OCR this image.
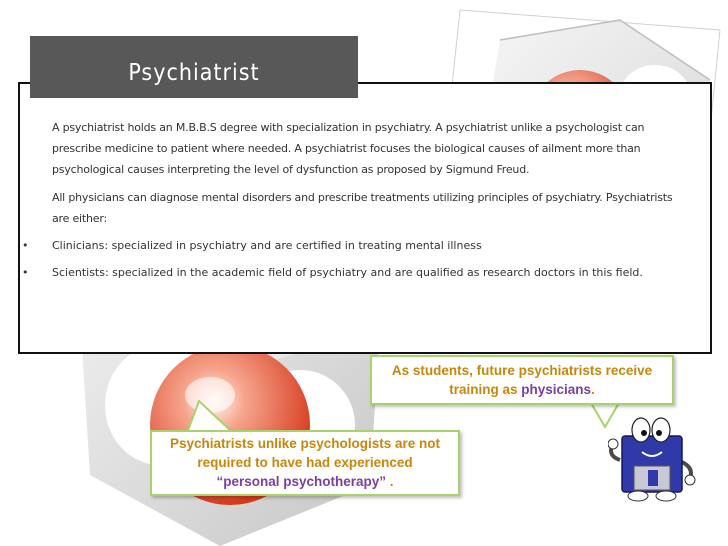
Psychiatrist
A psychiatrist holds an M.B.B.S degree with specialization in psychiatry. A psychiatrist unlike a psychologist can
prescribe medicine to patient where needed. A psychiatrist focuses the biological causes of ailment more than
psychological causes interpreting the level of dysfunction as proposed by Sigmund Freud.
All physicians can diagnose mental disorders and prescribe treatments utilizing principles of psychiatry. Psychiatrists
are either:
• Clinicians: specialized in psychiatry and are certified in treating mental illness
• Scientists: specialized in the academic field of psychiatry and are qualified as research doctors in this field.
As students, future psychiatrists receive
training as physicians.
Psychiatrists unlike psychologists are not
required to have had experienced
“personal psychotherapy” .
